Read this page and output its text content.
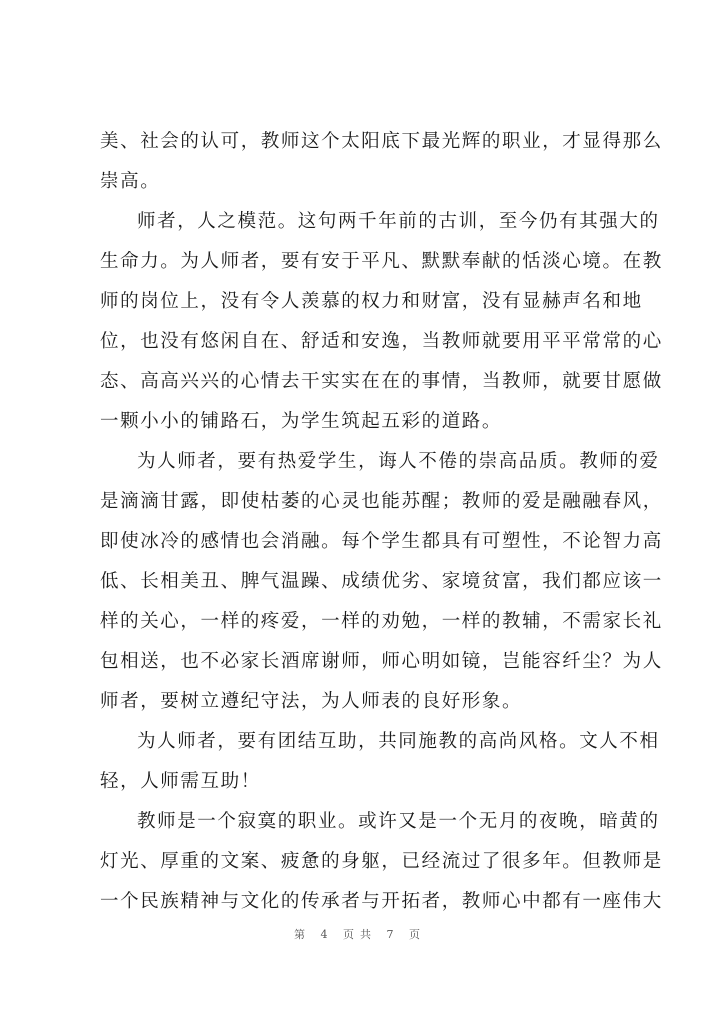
美、社会的认可，教师这个太阳底下最光辉的职业，才显得那么
崇高。
师者，人之模范。这句两千年前的古训，至今仍有其强大的
生命力。为人师者，要有安于平凡、默默奉献的恬淡心境。在教
师的岗位上，没有令人羡慕的权力和财富，没有显赫声名和地
位，也没有悠闲自在、舒适和安逸，当教师就要用平平常常的心
态、高高兴兴的心情去干实实在在的事情，当教师，就要甘愿做
一颗小小的铺路石，为学生筑起五彩的道路。
为人师者，要有热爱学生，诲人不倦的崇高品质。教师的爱
是滴滴甘露，即使枯萎的心灵也能苏醒；教师的爱是融融春风，
即使冰冷的感情也会消融。每个学生都具有可塑性，不论智力高
低、长相美丑、脾气温躁、成绩优劣、家境贫富，我们都应该一
样的关心，一样的疼爱，一样的劝勉，一样的教辅，不需家长礼
包相送，也不必家长酒席谢师，师心明如镜，岂能容纤尘？为人
师者，要树立遵纪守法，为人师表的良好形象。
为人师者，要有团结互助，共同施教的高尚风格。文人不相
轻，人师需互助！
教师是一个寂寞的职业。或许又是一个无月的夜晚，暗黄的
灯光、厚重的文案、疲惫的身躯，已经流过了很多年。但教师是
一个民族精神与文化的传承者与开拓者，教师心中都有一座伟大
第 4 页共 7 页
